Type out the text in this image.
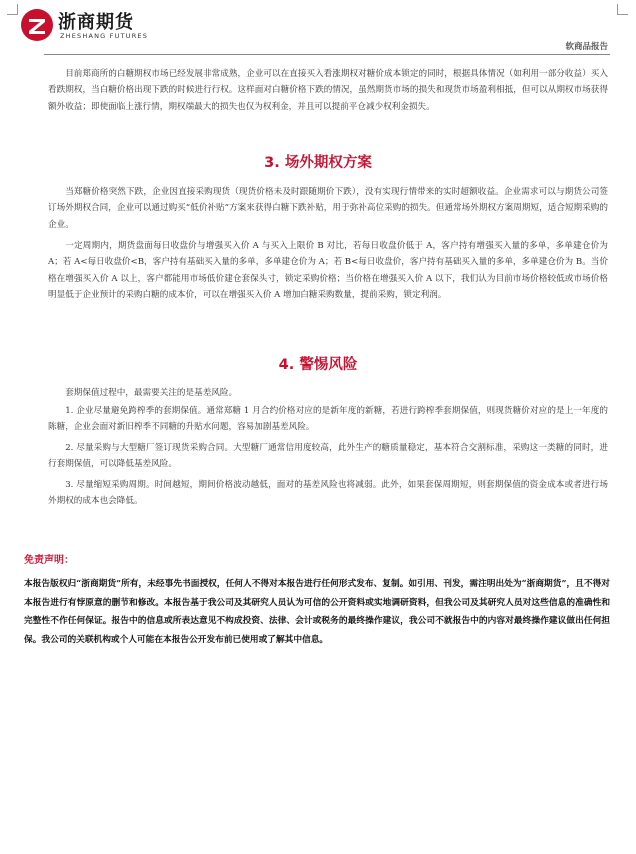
浙商期货
ZHESHANG FUTURES
软商品报告

目前郑商所的白糖期权市场已经发展非常成熟，企业可以在直接买入看涨期权对糖价成本锁定的同时，根据具体情况（如利用一部分收益）买入看跌期权，当白糖价格出现下跌的时候进行行权。这样面对白糖价格下跌的情况，虽然期货市场的损失和现货市场盈利相抵，但可以从期权市场获得额外收益；即使面临上涨行情，期权端最大的损失也仅为权利金，并且可以提前平仓减少权利金损失。

3. 场外期权方案

当郑糖价格突然下跌，企业因直接采购现货（现货价格未及时跟随期价下跌），没有实现行情带来的实时超额收益。企业需求可以与期货公司签订场外期权合同，企业可以通过购买“低价补贴”方案来获得白糖下跌补贴，用于弥补高位采购的损失。但通常场外期权方案周期短，适合短期采购的企业。

一定周期内，期货盘面每日收盘价与增强买入价 A 与买入上限价 B 对比，若每日收盘价低于 A，客户持有增强买入量的多单，多单建仓价为 A；若 A<每日收盘价<B，客户持有基础买入量的多单，多单建仓价为 A；若 B<每日收盘价，客户持有基础买入量的多单，多单建仓价为 B。当价格在增强买入价 A 以上，客户都能用市场低价建仓套保头寸，锁定采购价格；当价格在增强买入价 A 以下，我们认为目前市场价格较低或市场价格明显低于企业预计的采购白糖的成本价，可以在增强买入价 A 增加白糖采购数量，提前采购，锁定利润。

4. 警惕风险

套期保值过程中，最需要关注的是基差风险。

1. 企业尽量避免跨榨季的套期保值。通常郑糖 1 月合约价格对应的是新年度的新糖，若进行跨榨季套期保值，则现货糖价对应的是上一年度的陈糖，企业会面对新旧榨季不同糖的升贴水问题，容易加剧基差风险。

2. 尽量采购与大型糖厂签订现货采购合同。大型糖厂通常信用度较高，此外生产的糖质量稳定，基本符合交割标准，采购这一类糖的同时，进行套期保值，可以降低基差风险。

3. 尽量缩短采购周期。时间越短，期间价格波动越低，面对的基差风险也将减弱。此外，如果套保周期短，则套期保值的资金成本或者进行场外期权的成本也会降低。

免责声明：

本报告版权归“浙商期货”所有，未经事先书面授权，任何人不得对本报告进行任何形式发布、复制。如引用、刊发，需注明出处为“浙商期货”，且不得对本报告进行有悖原意的删节和修改。本报告基于我公司及其研究人员认为可信的公开资料或实地调研资料，但我公司及其研究人员对这些信息的准确性和完整性不作任何保证。报告中的信息或所表达意见不构成投资、法律、会计或税务的最终操作建议，我公司不就报告中的内容对最终操作建议做出任何担保。我公司的关联机构或个人可能在本报告公开发布前已使用或了解其中信息。
